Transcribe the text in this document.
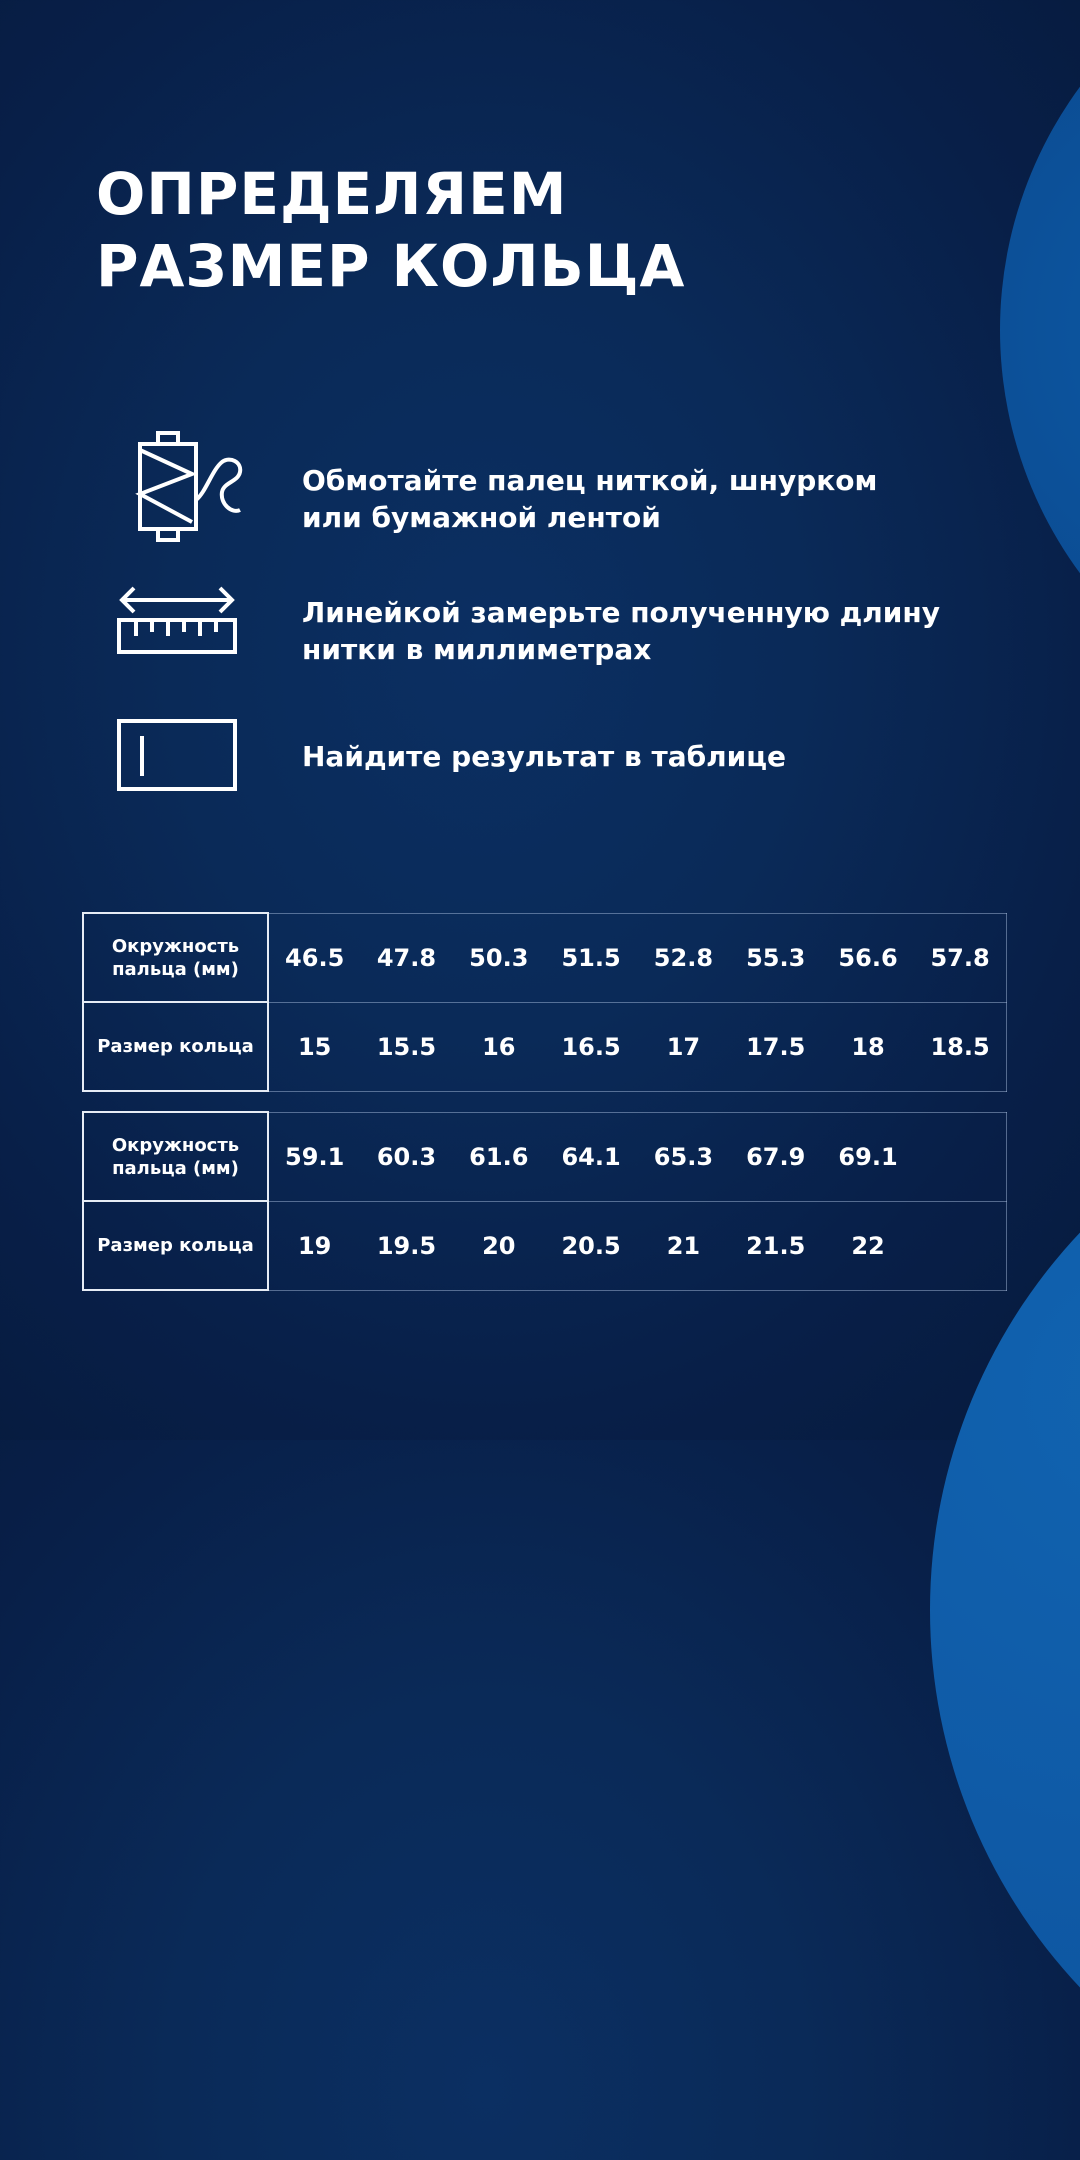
ОПРЕДЕЛЯЕМ
РАЗМЕР КОЛЬЦА
Обмотайте палец ниткой, шнурком
или бумажной лентой
Линейкой замерьте полученную длину
нитки в миллиметрах
Найдите результат в таблице
Окружность
пальца (мм)	46.5	47.8	50.3	51.5	52.8	55.3	56.6	57.8
Размер кольца	15	15.5	16	16.5	17	17.5	18	18.5
Окружность
пальца (мм)	59.1	60.3	61.6	64.1	65.3	67.9	69.1	
Размер кольца	19	19.5	20	20.5	21	21.5	22	
